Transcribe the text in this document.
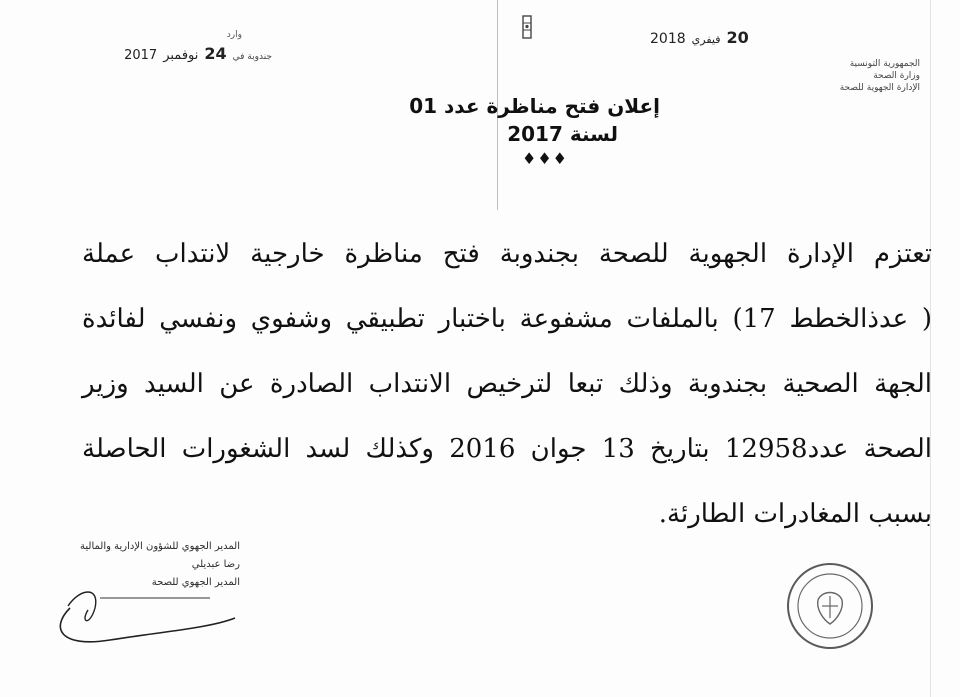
وارد
جندوبة في
24
نوفمبر
2017
2018 فيفري 20
الجمهورية التونسية
وزارة الصحة
الإدارة الجهوية للصحة
إعلان فتح مناظرة عدد 01
لسنة 2017
♦♦♦
تعتزم الإدارة الجهوية للصحة بجندوبة فتح مناظرة خارجية لانتداب عملة
( عدذالخطط 17) بالملفات مشفوعة باختبار تطبيقي وشفوي ونفسي لفائدة
الجهة الصحية بجندوبة وذلك تبعا لترخيص الانتداب الصادرة عن السيد وزير
الصحة عدد12958 بتاريخ 13 جوان 2016 وكذلك لسد الشغورات الحاصلة
بسبب المغادرات الطارئة.
المدير الجهوي للشؤون الإدارية والمالية
رضا عبديلي
المدير الجهوي للصحة
